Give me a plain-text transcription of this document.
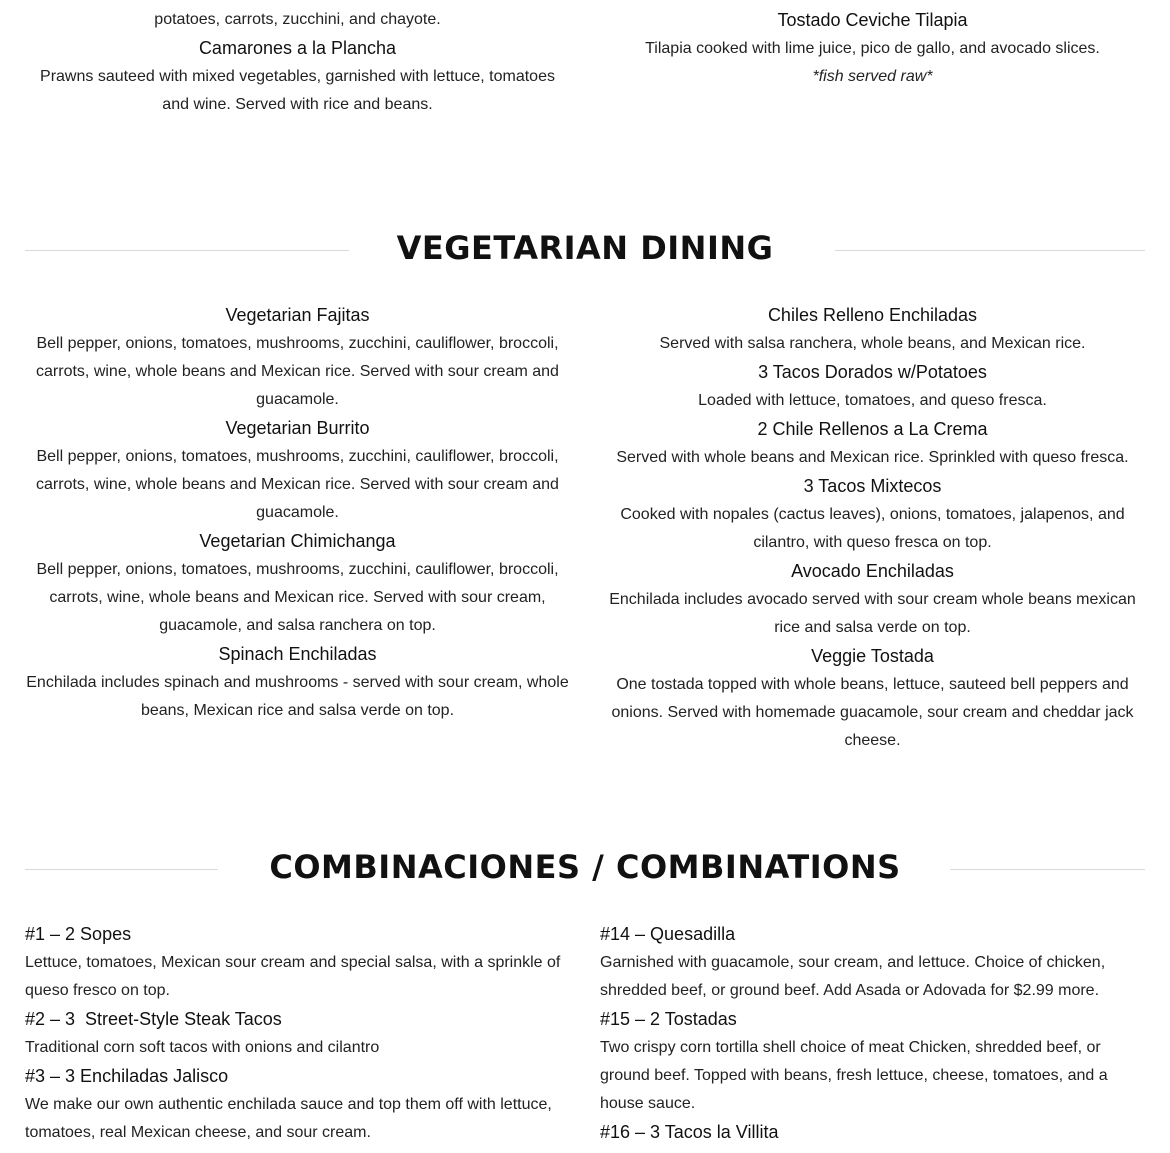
potatoes, carrots, zucchini, and chayote.

Camarones a la Plancha

Prawns sauteed with mixed vegetables, garnished with lettuce, tomatoes and wine. Served with rice and beans.

Tostado Ceviche Tilapia

Tilapia cooked with lime juice, pico de gallo, and avocado slices.

*fish served raw*

VEGETARIAN DINING

Vegetarian Fajitas

Bell pepper, onions, tomatoes, mushrooms, zucchini, cauliflower, broccoli, carrots, wine, whole beans and Mexican rice. Served with sour cream and guacamole.

Vegetarian Burrito

Bell pepper, onions, tomatoes, mushrooms, zucchini, cauliflower, broccoli, carrots, wine, whole beans and Mexican rice. Served with sour cream and guacamole.

Vegetarian Chimichanga

Bell pepper, onions, tomatoes, mushrooms, zucchini, cauliflower, broccoli, carrots, wine, whole beans and Mexican rice. Served with sour cream, guacamole, and salsa ranchera on top.

Spinach Enchiladas

Enchilada includes spinach and mushrooms - served with sour cream, whole beans, Mexican rice and salsa verde on top.

Chiles Relleno Enchiladas

Served with salsa ranchera, whole beans, and Mexican rice.

3 Tacos Dorados w/Potatoes

Loaded with lettuce, tomatoes, and queso fresca.

2 Chile Rellenos a La Crema

Served with whole beans and Mexican rice. Sprinkled with queso fresca.

3 Tacos Mixtecos

Cooked with nopales (cactus leaves), onions, tomatoes, jalapenos, and cilantro, with queso fresca on top.

Avocado Enchiladas

Enchilada includes avocado served with sour cream whole beans mexican rice and salsa verde on top.

Veggie Tostada

One tostada topped with whole beans, lettuce, sauteed bell peppers and onions. Served with homemade guacamole, sour cream and cheddar jack cheese.

COMBINACIONES / COMBINATIONS

#1 – 2 Sopes

Lettuce, tomatoes, Mexican sour cream and special salsa, with a sprinkle of queso fresco on top.

#2 – 3  Street-Style Steak Tacos

Traditional corn soft tacos with onions and cilantro

#3 – 3 Enchiladas Jalisco

We make our own authentic enchilada sauce and top them off with lettuce, tomatoes, real Mexican cheese, and sour cream.

#14 – Quesadilla

Garnished with guacamole, sour cream, and lettuce. Choice of chicken, shredded beef, or ground beef. Add Asada or Adovada for $2.99 more.

#15 – 2 Tostadas

Two crispy corn tortilla shell choice of meat Chicken, shredded beef, or ground beef. Topped with beans, fresh lettuce, cheese, tomatoes, and a house sauce.

#16 – 3 Tacos la Villita
